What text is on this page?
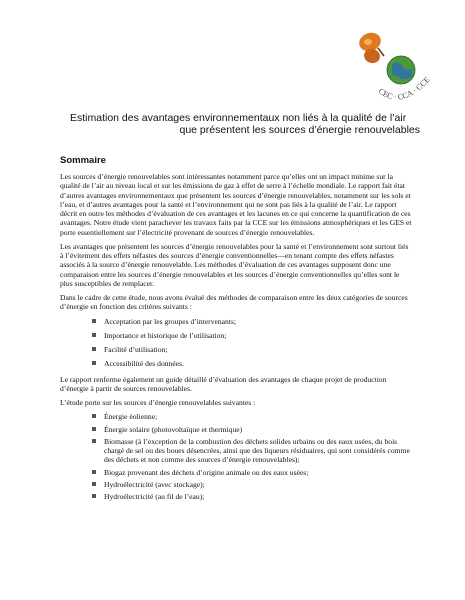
CEC · CCA · CCE
Estimation des avantages environnementaux non liés à la qualité de l’air
que présentent les sources d’énergie renouvelables
Sommaire

Les sources d’énergie renouvelables sont intéressantes notamment parce qu’elles ont un impact minime sur la qualité de l’air au niveau local et sur les émissions de gaz à effet de serre à l’échelle mondiale. Le rapport fait état d’autres avantages environnementaux que présentent les sources d’énergie renouvelables, notamment sur les sols et l’eau, et d’autres avantages pour la santé et l’environnement qui ne sont pas liés à la qualité de l’air. Le rapport décrit en outre les méthodes d’évaluation de ces avantages et les lacunes en ce qui concerne la quantification de ces avantages. Notre étude vient parachever les travaux faits par la CCE sur les émissions atmosphériques et les GES et porte essentiellement sur l’électricité provenant de sources d’énergie renouvelables.

Les avantages que présentent les sources d’énergie renouvelables pour la santé et l’environnement sont surtout liés à l’évitement des effets néfastes des sources d’énergie conventionnelles—en tenant compte des effets néfastes associés à la source d’énergie renouvelable. Les méthodes d’évaluation de ces avantages supposent donc une comparaison entre les sources d’énergie renouvelables et les sources d’énergie conventionnelles qu’elles sont le plus susceptibles de remplacer.

Dans le cadre de cette étude, nous avons évalué des méthodes de comparaison entre les deux catégories de sources d’énergie en fonction des critères suivants :

Acceptation par les groupes d’intervenants;
Importance et historique de l’utilisation;
Facilité d’utilisation;
Accessibilité des données.

Le rapport renferme également un guide détaillé d’évaluation des avantages de chaque projet de production d’énergie à partir de sources renouvelables.

L’étude porte sur les sources d’énergie renouvelables suivantes :

Énergie éolienne;
Énergie solaire (photovoltaïque et thermique)
Biomasse (à l’exception de la combustion des déchets solides urbains ou des eaux usées, du bois chargé de sel ou des boues désencrées, ainsi que des liqueurs résiduaires, qui sont considérés comme des déchets et non comme des sources d’énergie renouvelables);
Biogaz provenant des déchets d’origine animale ou des eaux usées;
Hydroélectricité (avec stockage);
Hydroélectricité (au fil de l’eau);
